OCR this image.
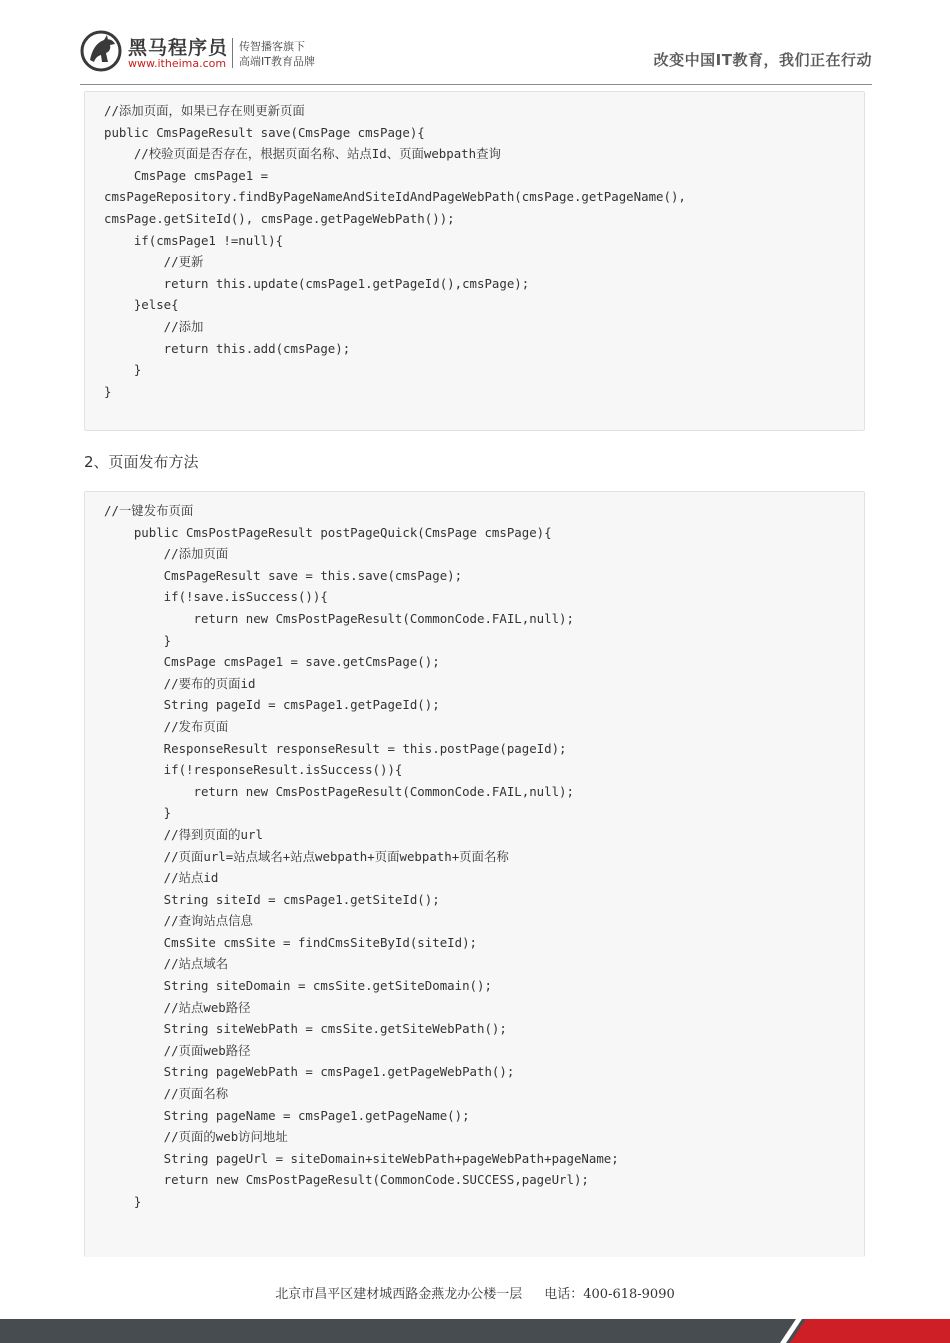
黑马程序员
www.itheima.com
传智播客旗下
高端IT教育品牌	改变中国IT教育，我们正在行动
//添加页面，如果已存在则更新页面
public CmsPageResult save(CmsPage cmsPage){
//校验页面是否存在，根据页面名称、站点Id、页面webpath查询
CmsPage cmsPage1 =
cmsPageRepository.findByPageNameAndSiteIdAndPageWebPath(cmsPage.getPageName(),
cmsPage.getSiteId(), cmsPage.getPageWebPath());
if(cmsPage1 !=null){
//更新
return this.update(cmsPage1.getPageId(),cmsPage);
}else{
//添加
return this.add(cmsPage);
}
}
2、页面发布方法
//一键发布页面
public CmsPostPageResult postPageQuick(CmsPage cmsPage){
//添加页面
CmsPageResult save = this.save(cmsPage);
if(!save.isSuccess()){
return new CmsPostPageResult(CommonCode.FAIL,null);
}
CmsPage cmsPage1 = save.getCmsPage();
//要布的页面id
String pageId = cmsPage1.getPageId();
//发布页面
ResponseResult responseResult = this.postPage(pageId);
if(!responseResult.isSuccess()){
return new CmsPostPageResult(CommonCode.FAIL,null);
}
//得到页面的url
//页面url=站点域名+站点webpath+页面webpath+页面名称
//站点id
String siteId = cmsPage1.getSiteId();
//查询站点信息
CmsSite cmsSite = findCmsSiteById(siteId);
//站点域名
String siteDomain = cmsSite.getSiteDomain();
//站点web路径
String siteWebPath = cmsSite.getSiteWebPath();
//页面web路径
String pageWebPath = cmsPage1.getPageWebPath();
//页面名称
String pageName = cmsPage1.getPageName();
//页面的web访问地址
String pageUrl = siteDomain+siteWebPath+pageWebPath+pageName;
return new CmsPostPageResult(CommonCode.SUCCESS,pageUrl);
}
北京市昌平区建材城西路金燕龙办公楼一层 电话：400-618-9090
